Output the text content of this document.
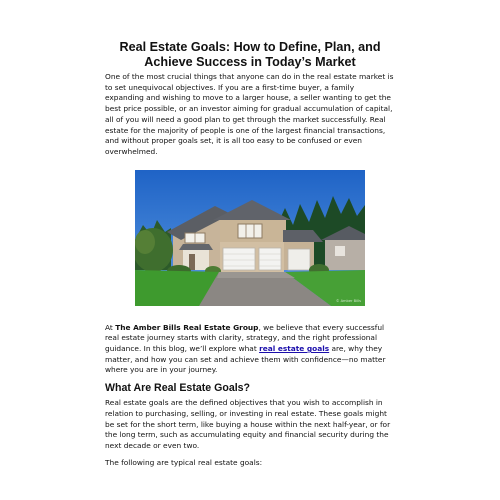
Real Estate Goals: How to Define, Plan, and Achieve Success in Today’s Market

One of the most crucial things that anyone can do in the real estate market is to set unequivocal objectives. If you are a first-time buyer, a family expanding and wishing to move to a larger house, a seller wanting to get the best price possible, or an investor aiming for gradual accumulation of capital, all of you will need a good plan to get through the market successfully. Real estate for the majority of people is one of the largest financial transactions, and without proper goals set, it is all too easy to be confused or even overwhelmed.

© Amber Bills

At The Amber Bills Real Estate Group, we believe that every successful real estate journey starts with clarity, strategy, and the right professional guidance. In this blog, we’ll explore what real estate goals are, why they matter, and how you can set and achieve them with confidence—no matter where you are in your journey.

What Are Real Estate Goals?

Real estate goals are the defined objectives that you wish to accomplish in relation to purchasing, selling, or investing in real estate. These goals might be set for the short term, like buying a house within the next half-year, or for the long term, such as accumulating equity and financial security during the next decade or even two.

The following are typical real estate goals:
